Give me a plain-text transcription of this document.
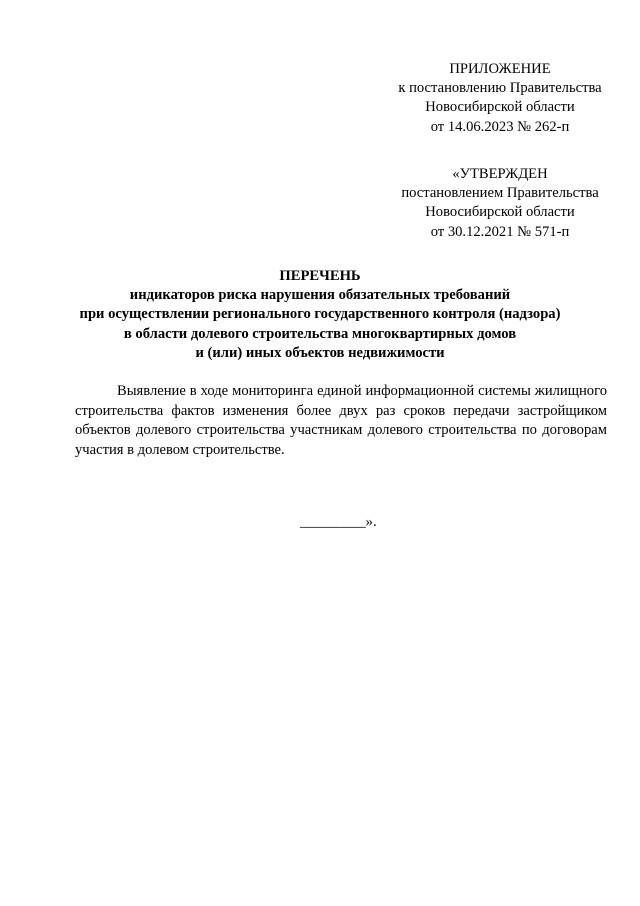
ПРИЛОЖЕНИЕ
к постановлению Правительства
Новосибирской области
от 14.06.2023 № 262-п
«УТВЕРЖДЕН
постановлением Правительства
Новосибирской области
от 30.12.2021 № 571-п
ПЕРЕЧЕНЬ
индикаторов риска нарушения обязательных требований
при осуществлении регионального государственного контроля (надзора)
в области долевого строительства многоквартирных домов
и (или) иных объектов недвижимости

Выявление в ходе мониторинга единой информационной системы жилищного строительства фактов изменения более двух раз сроков передачи застройщиком объектов долевого строительства участникам долевого строительства по договорам участия в долевом строительстве.

_________».
